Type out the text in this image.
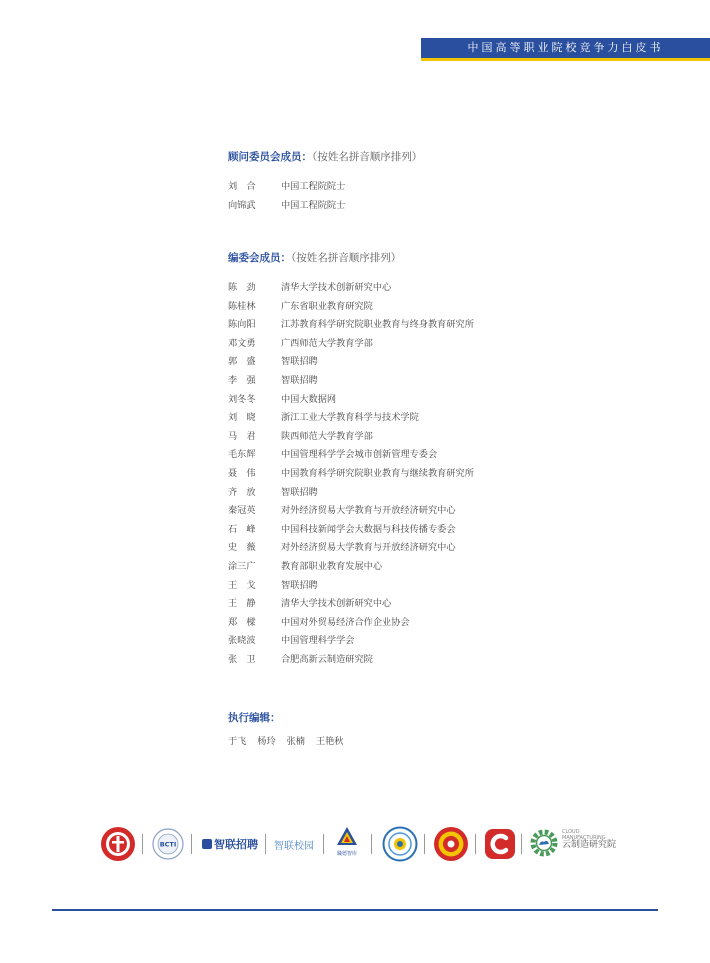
中国高等职业院校竞争力白皮书
顾问委员会成员：（按姓名拼音顺序排列）
刘　合	中国工程院院士
向锦武	中国工程院院士
编委会成员：（按姓名拼音顺序排列）
陈　劲	清华大学技术创新研究中心
陈桂林	广东省职业教育研究院
陈向阳	江苏教育科学研究院职业教育与终身教育研究所
邓文勇	广西师范大学教育学部
郭　盛	智联招聘
李　强	智联招聘
刘冬冬	中国大数据网
刘　晓	浙江工业大学教育科学与技术学院
马　君	陕西师范大学教育学部
毛东辉	中国管理科学学会城市创新管理专委会
聂　伟	中国教育科学研究院职业教育与继续教育研究所
齐　放	智联招聘
秦冠英	对外经济贸易大学教育与开放经济研究中心
石　峰	中国科技新闻学会大数据与科技传播专委会
史　薇	对外经济贸易大学教育与开放经济研究中心
涂三广	教育部职业教育发展中心
王　戈	智联招聘
王　静	清华大学技术创新研究中心
郑　樑	中国对外贸易经济合作企业协会
张晓波	中国管理科学学会
张　卫	合肥高新云制造研究院
执行编辑：
于飞 杨玲 张楠 王艳秋
BCTI	智联招聘 智联校园
職德智库
CLOUD
MANUFACTURING
云制造研究院
